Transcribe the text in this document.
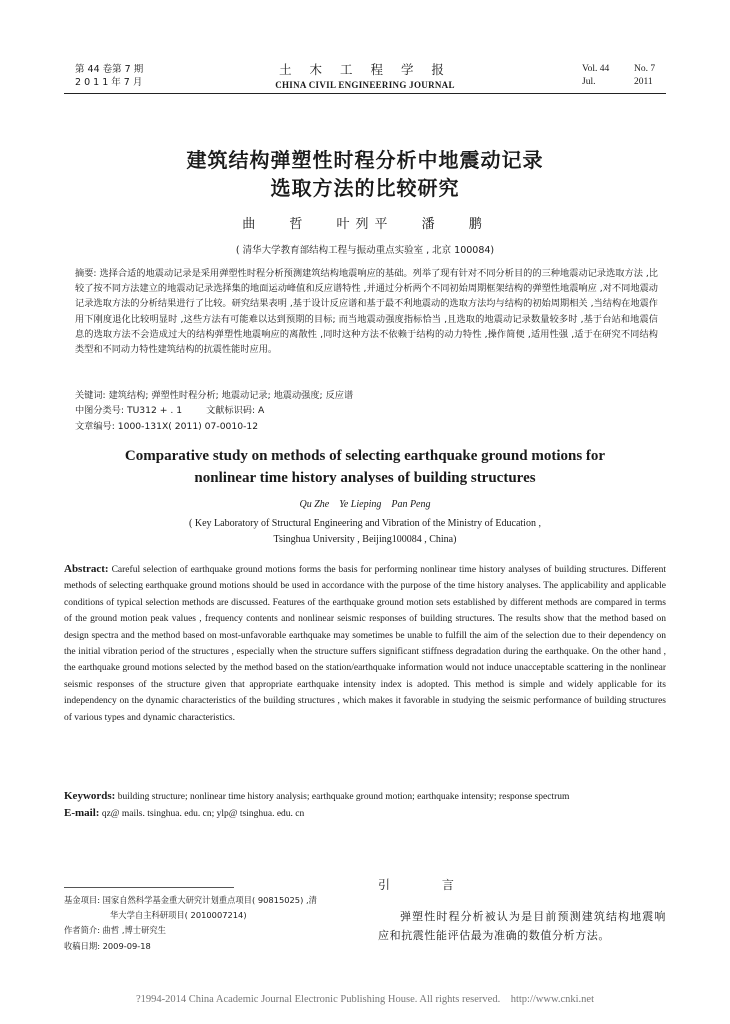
第 44 卷第 7 期
2 0 1 1 年 7 月
土 木 工 程 学 报
CHINA CIVIL ENGINEERING JOURNAL
Vol. 44	No. 7
Jul.	2011
建筑结构弹塑性时程分析中地震动记录
选取方法的比较研究
曲 哲 叶列平 潘 鹏
( 清华大学教育部结构工程与振动重点实验室 , 北京 100084)
摘要: 选择合适的地震动记录是采用弹塑性时程分析预测建筑结构地震响应的基础。列举了现有针对不同分析目的的三种地震动记录选取方法 ,比较了按不同方法建立的地震动记录选择集的地面运动峰值和反应谱特性 ,并通过分析两个不同初始周期框架结构的弹塑性地震响应 ,对不同地震动记录选取方法的分析结果进行了比较。研究结果表明 ,基于设计反应谱和基于最不利地震动的选取方法均与结构的初始周期相关 ,当结构在地震作用下刚度退化比较明显时 ,这些方法有可能难以达到预期的目标; 而当地震动强度指标恰当 ,且选取的地震动记录数量较多时 ,基于台站和地震信息的选取方法不会造成过大的结构弹塑性地震响应的离散性 ,同时这种方法不依赖于结构的动力特性 ,操作简便 ,适用性强 ,适于在研究不同结构类型和不同动力特性建筑结构的抗震性能时应用。
关键词: 建筑结构; 弹塑性时程分析; 地震动记录; 地震动强度; 反应谱
中图分类号: TU312 + . 1	文献标识码: A
文章编号: 1000-131X( 2011) 07-0010-12
Comparative study on methods of selecting earthquake ground motions for
nonlinear time history analyses of building structures
Qu Zhe    Ye Lieping    Pan Peng
( Key Laboratory of Structural Engineering and Vibration of the Ministry of Education ,
Tsinghua University , Beijing100084 , China)
Abstract: Careful selection of earthquake ground motions forms the basis for performing nonlinear time history analyses of building structures. Different methods of selecting earthquake ground motions should be used in accordance with the purpose of the time history analyses. The applicability and applicable conditions of typical selection methods are discussed. Features of the earthquake ground motion sets established by different methods are compared in terms of the ground motion peak values , frequency contents and nonlinear seismic responses of building structures. The results show that the method based on design spectra and the method based on most-unfavorable earthquake may sometimes be unable to fulfill the aim of the selection due to their dependency on the initial vibration period of the structures , especially when the structure suffers significant stiffness degradation during the earthquake. On the other hand , the earthquake ground motions selected by the method based on the station/earthquake information would not induce unacceptable scattering in the nonlinear seismic responses of the structure given that appropriate earthquake intensity index is adopted. This method is simple and widely applicable for its independency on the dynamic characteristics of the building structures , which makes it favorable in studying the seismic performance of building structures of various types and dynamic characteristics.
Keywords: building structure; nonlinear time history analysis; earthquake ground motion; earthquake intensity; response spectrum
E-mail: qz@ mails. tsinghua. edu. cn; ylp@ tsinghua. edu. cn
基金项目: 国家自然科学基金重大研究计划重点项目( 90815025) ,清
华大学自主科研项目( 2010007214)
作者简介: 曲哲 ,博士研究生
收稿日期: 2009-09-18
引 言
弹塑性时程分析被认为是目前预测建筑结构地震响应和抗震性能评估最为准确的数值分析方法。
?1994-2014 China Academic Journal Electronic Publishing House. All rights reserved.    http://www.cnki.net
